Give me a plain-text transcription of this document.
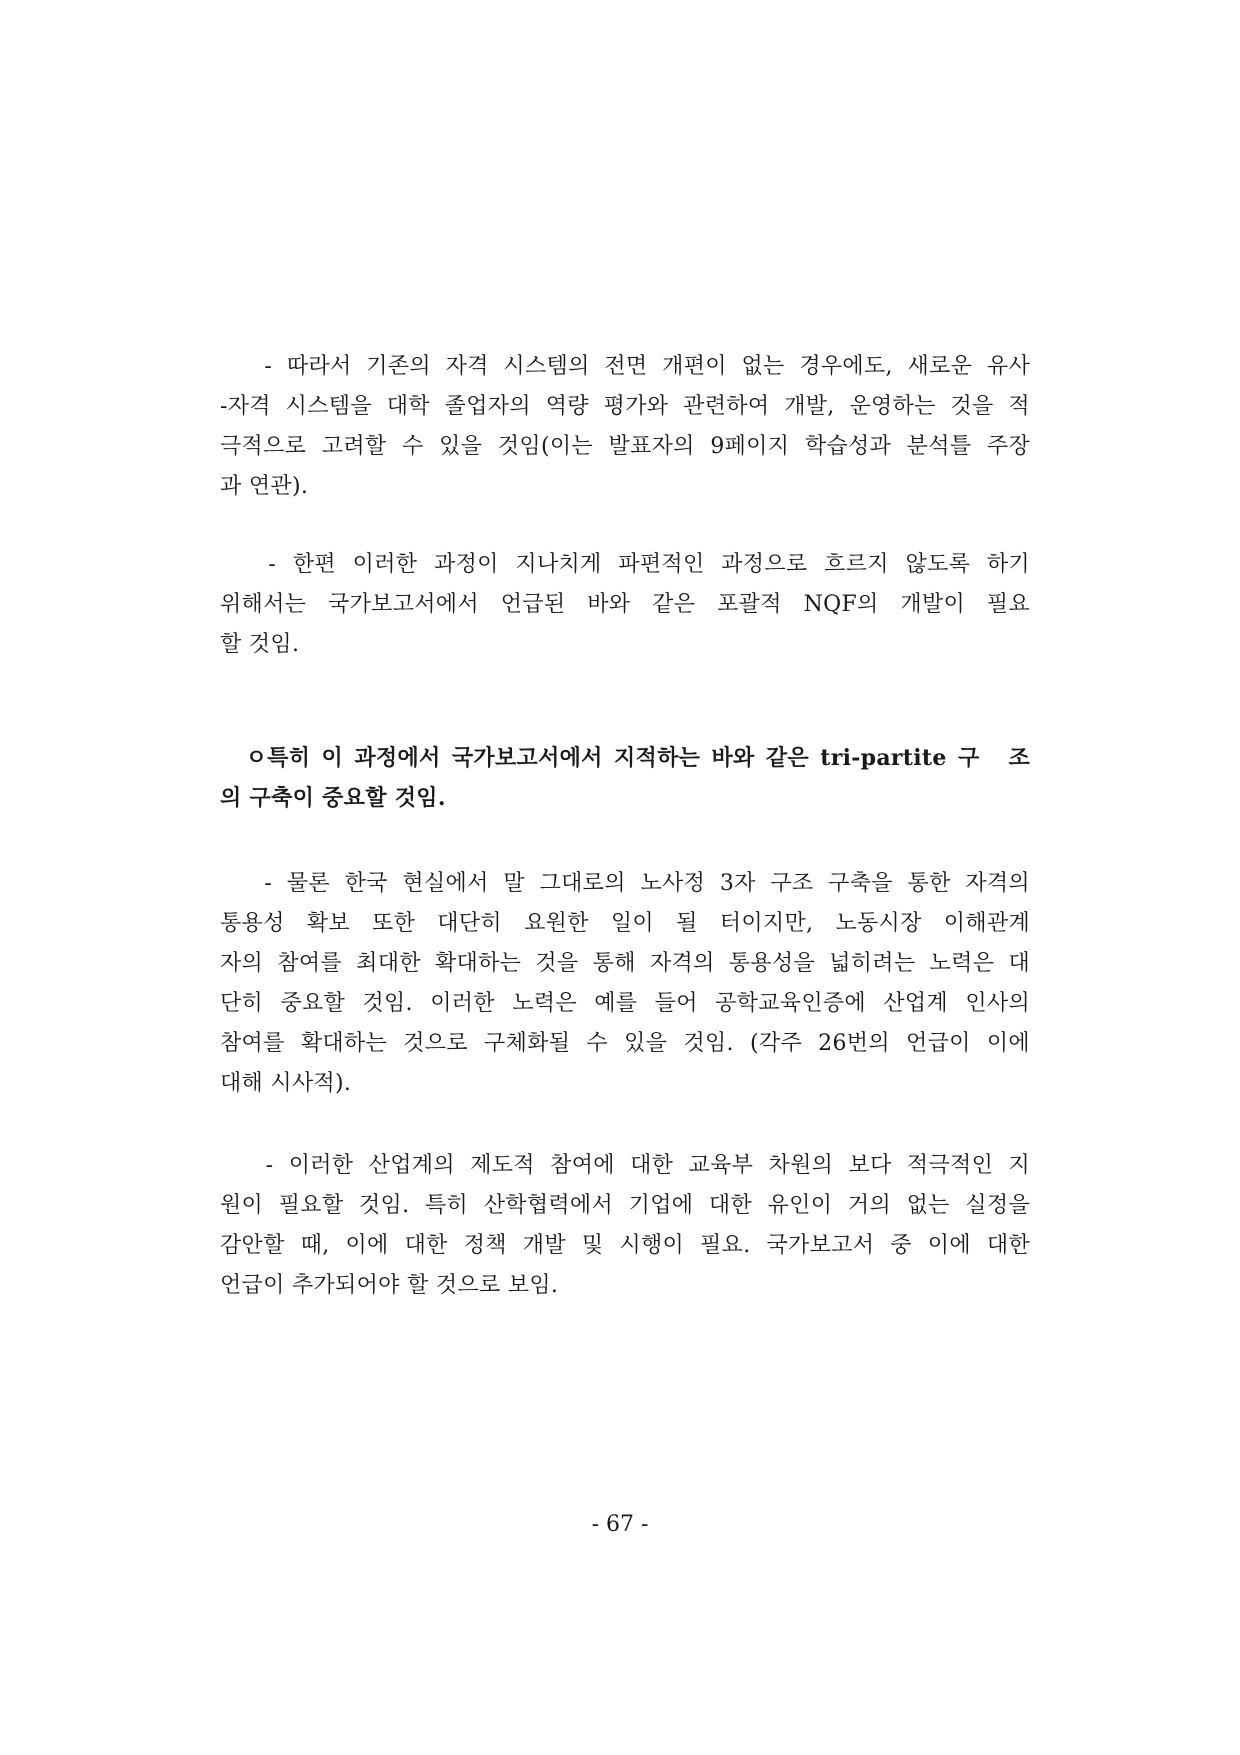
　 - 따라서 기존의 자격 시스템의 전면 개편이 없는 경우에도, 새로운 유사
-자격 시스템을 대학 졸업자의 역량 평가와 관련하여 개발, 운영하는 것을 적
극적으로 고려할 수 있을 것임(이는 발표자의 9페이지 학습성과 분석틀 주장
과 연관).
　 - 한편 이러한 과정이 지나치게 파편적인 과정으로 흐르지 않도록 하기
위해서는 국가보고서에서 언급된 바와 같은 포괄적 NQF의 개발이 필요
할 것임.
　ㅇ특히 이 과정에서 국가보고서에서 지적하는 바와 같은 tri-partite 구　조
의 구축이 중요할 것임.
　 - 물론 한국 현실에서 말 그대로의 노사정 3자 구조 구축을 통한 자격의
통용성 확보 또한 대단히 요원한 일이 될 터이지만, 노동시장 이해관계
자의 참여를 최대한 확대하는 것을 통해 자격의 통용성을 넓히려는 노력은 대
단히 중요할 것임. 이러한 노력은 예를 들어 공학교육인증에 산업계 인사의
참여를 확대하는 것으로 구체화될 수 있을 것임. (각주 26번의 언급이 이에
대해 시사적).
　 - 이러한 산업계의 제도적 참여에 대한 교육부 차원의 보다 적극적인 지
원이 필요할 것임. 특히 산학협력에서 기업에 대한 유인이 거의 없는 실정을
감안할 때, 이에 대한 정책 개발 및 시행이 필요. 국가보고서 중 이에 대한
언급이 추가되어야 할 것으로 보임.
- 67 -
